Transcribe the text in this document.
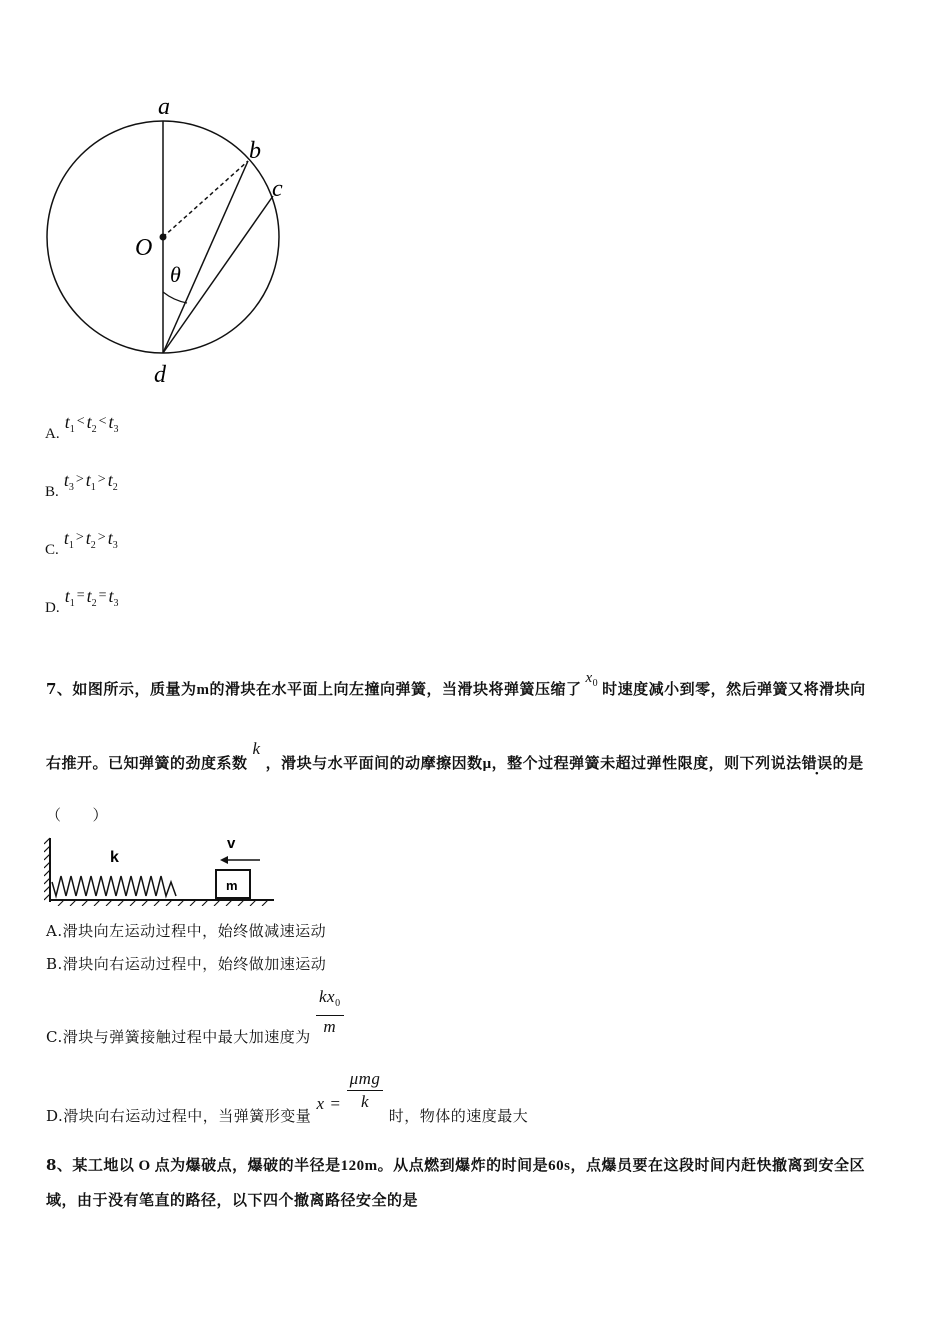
a
b
c
O
θ
d
A. $t_1< t_2< t_3$
B. $t_3> t_1> t_2$
C. $t_1> t_2> t_3$
D. $t_1= t_2= t_3$
7、如图所示，质量为m的滑块在水平面上向左撞向弹簧，当滑块将弹簧压缩了$x_0$ 时速度减小到零，然后弹簧又将滑块向
右推开。已知弹簧的劲度系数k，滑块与水平面间的动摩擦因数μ，整个过程弹簧未超过弹性限度，则下列说法错误的是
（　　）
m
v
k
A.滑块向左运动过程中，始终做减速运动
B.滑块向右运动过程中，始终做加速运动
C.滑块与弹簧接触过程中最大加速度为 $\frac{kx_0}{m}$
D.滑块向右运动过程中，当弹簧形变量 $x = \frac{\text{μmg}}{k}$
时，物体的速度最大
8、某工地以 O 点为爆破点，爆破的半径是120m。从点燃到爆炸的时间是60s，点爆员要在这段时间内赶快撤离到安全区
域，由于没有笔直的路径，以下四个撤离路径安全的是
